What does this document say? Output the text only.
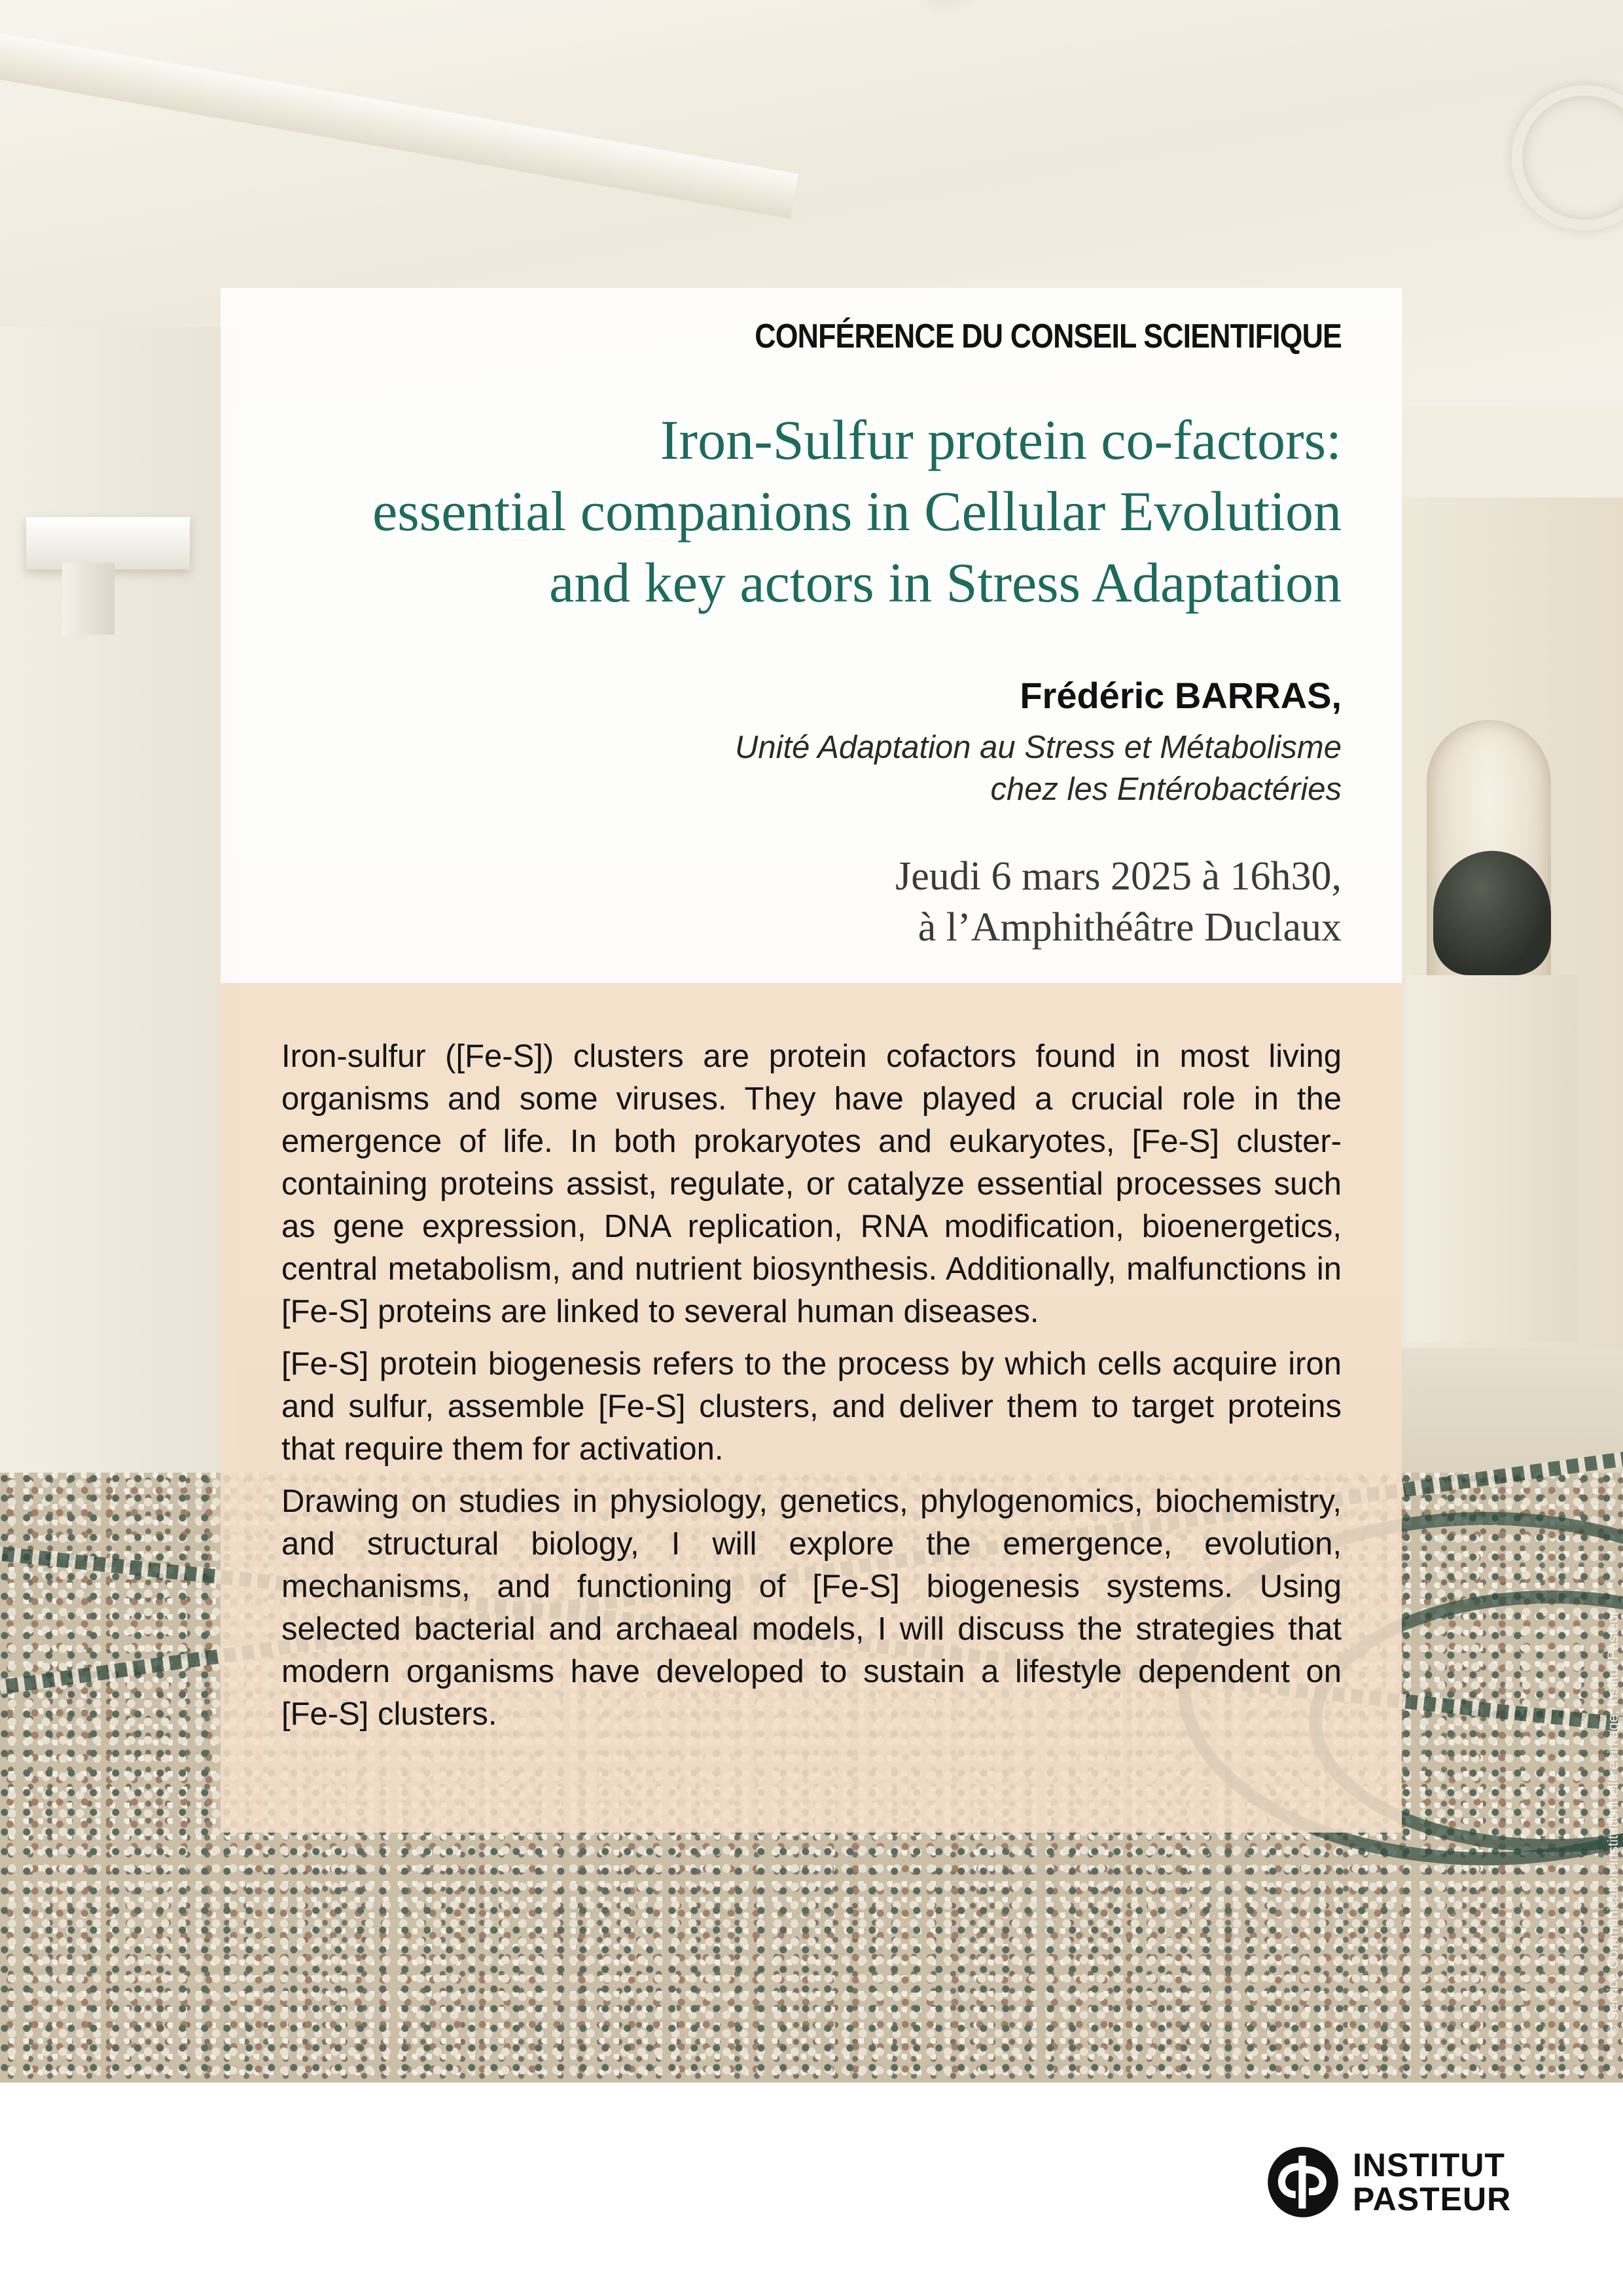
CONFÉRENCE DU CONSEIL SCIENTIFIQUE
Iron-Sulfur protein co-factors:
essential companions in Cellular Evolution
and key actors in Stress Adaptation
Frédéric BARRAS,
Unité Adaptation au Stress et Métabolisme
chez les Entérobactéries
Jeudi 6 mars 2025 à 16h30,
à l’Amphithéâtre Duclaux

Iron-sulfur ([Fe-S]) clusters are protein cofactors found in most living organisms and some viruses. They have played a crucial role in the emergence of life. In both prokaryotes and eukaryotes, [Fe-S] cluster-containing proteins assist, regulate, or catalyze essential processes such as gene expression, DNA replication, RNA modification, bioenergetics, central metabolism, and nutrient biosynthesis. Additionally, malfunctions in [Fe-S] proteins are linked to several human diseases.

[Fe-S] protein biogenesis refers to the process by which cells acquire iron and sulfur, assemble [Fe-S] clusters, and deliver them to target proteins that require them for activation.

Drawing on studies in physiology, genetics, phylogenomics, biochemistry, and structural biology, I will explore the emergence, evolution, mechanisms, and functioning of [Fe-S] biogenesis systems. Using selected bacterial and archaeal models, I will discuss the strategies that modern organisms have developed to sustain a lifestyle dependent on [Fe-S] clusters.	© Service Communication institutionnelle et image, Institut Pasteur
INSTITUT
PASTEUR
